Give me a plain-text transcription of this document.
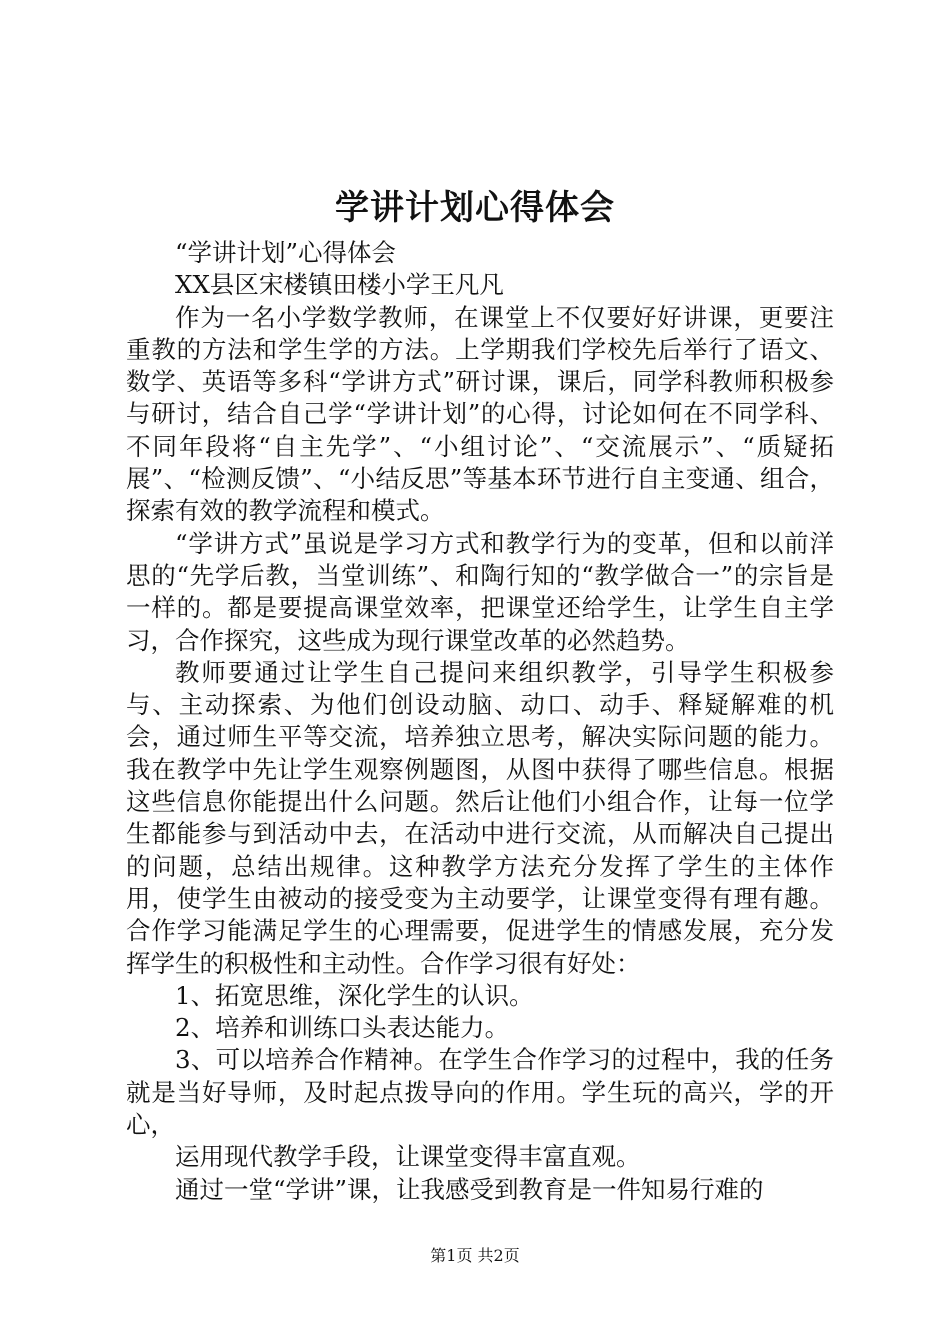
学讲计划心得体会

“学讲计划”心得体会

XX县区宋楼镇田楼小学王凡凡

作为一名小学数学教师，在课堂上不仅要好好讲课，更要注重教的方法和学生学的方法。上学期我们学校先后举行了语文、数学、英语等多科“学讲方式”研讨课，课后，同学科教师积极参与研讨，结合自己学“学讲计划”的心得，讨论如何在不同学科、不同年段将“自主先学”、“小组讨论”、“交流展示”、“质疑拓展”、“检测反馈”、“小结反思”等基本环节进行自主变通、组合，探索有效的教学流程和模式。

“学讲方式”虽说是学习方式和教学行为的变革，但和以前洋思的“先学后教，当堂训练”、和陶行知的“教学做合一”的宗旨是一样的。都是要提高课堂效率，把课堂还给学生，让学生自主学习，合作探究，这些成为现行课堂改革的必然趋势。

教师要通过让学生自己提问来组织教学，引导学生积极参与、主动探索、为他们创设动脑、动口、动手、释疑解难的机会，通过师生平等交流，培养独立思考，解决实际问题的能力。我在教学中先让学生观察例题图，从图中获得了哪些信息。根据这些信息你能提出什么问题。然后让他们小组合作，让每一位学生都能参与到活动中去，在活动中进行交流，从而解决自己提出的问题，总结出规律。这种教学方法充分发挥了学生的主体作用，使学生由被动的接受变为主动要学，让课堂变得有理有趣。合作学习能满足学生的心理需要，促进学生的情感发展，充分发挥学生的积极性和主动性。合作学习很有好处：

1、拓宽思维，深化学生的认识。

2、培养和训练口头表达能力。

3、可以培养合作精神。在学生合作学习的过程中，我的任务就是当好导师，及时起点拨导向的作用。学生玩的高兴，学的开心，

运用现代教学手段，让课堂变得丰富直观。

通过一堂“学讲”课，让我感受到教育是一件知易行难的

第1页 共2页
